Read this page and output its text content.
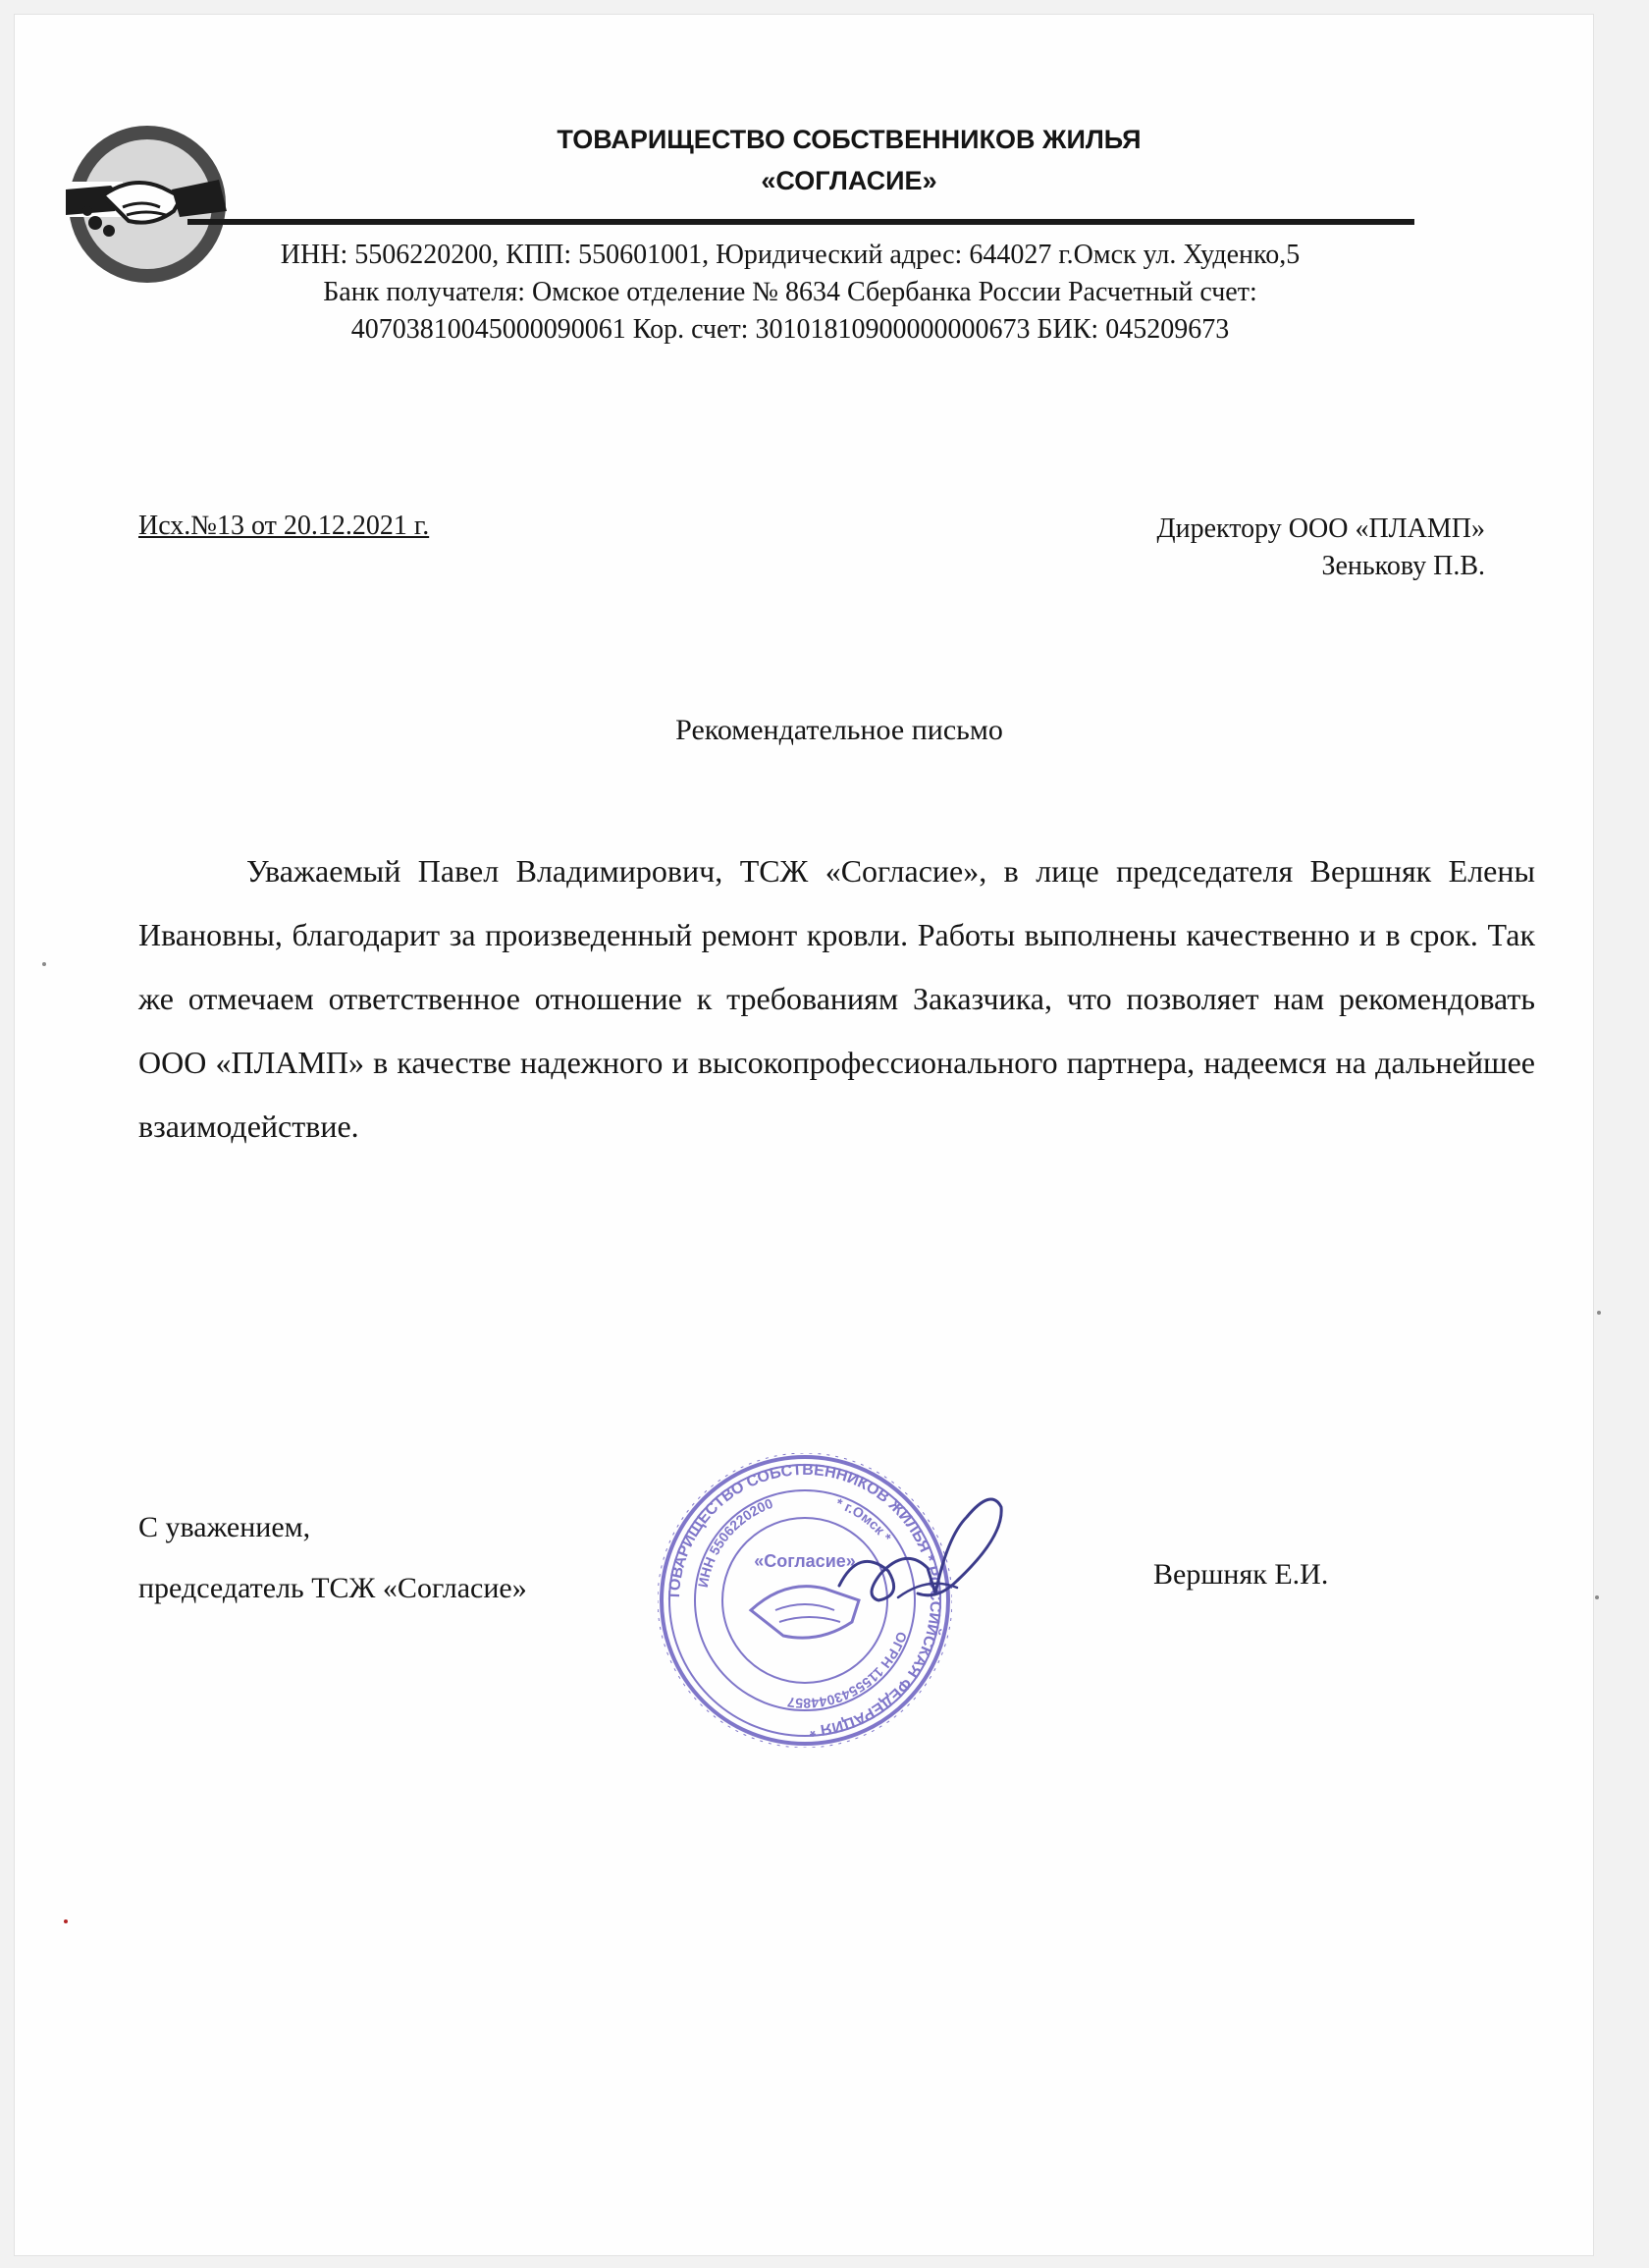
ТОВАРИЩЕСТВО СОБСТВЕННИКОВ ЖИЛЬЯ
«СОГЛАСИЕ»
ИНН: 5506220200, КПП: 550601001, Юридический адрес: 644027 г.Омск ул. Худенко,5
Банк получателя: Омское отделение № 8634 Сбербанка России Расчетный счет:
40703810045000090061 Кор. счет: 30101810900000000673 БИК: 045209673
Исх.№13 от 20.12.2021 г.	Директору ООО «ПЛАМП»
Зенькову П.В.
Рекомендательное письмо

Уважаемый Павел Владимирович, ТСЖ «Согласие», в лице председателя Вершняк Елены Ивановны, благодарит за произведенный ремонт кровли. Работы выполнены качественно и в срок. Так же отмечаем ответственное отношение к требованиям Заказчика, что позволяет нам рекомендовать ООО «ПЛАМП» в качестве надежного и высокопрофессионального партнера, надеемся на дальнейшее взаимодействие.

С уважением,
председатель ТСЖ «Согласие»	Вершняк Е.И.
ТОВАРИЩЕСТВО СОБСТВЕННИКОВ ЖИЛЬЯ * РОССИЙСКАЯ ФЕДЕРАЦИЯ *
ИНН 5506220200	* г.Омск *
ОГРН 1155543044857
«Согласие»
